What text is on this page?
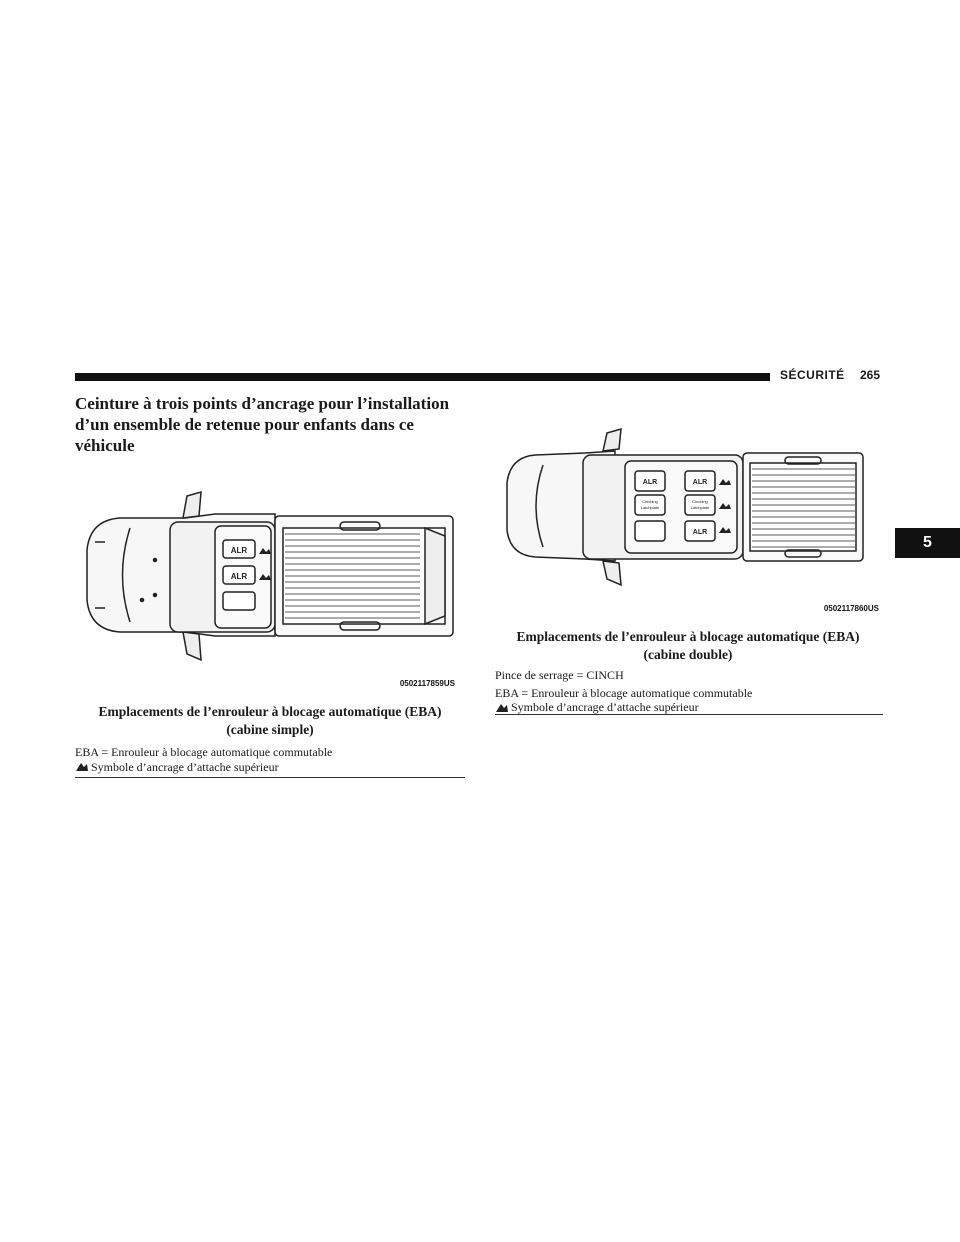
SÉCURITÉ 265
5
Ceinture à trois points d’ancrage pour l’installation d’un ensemble de retenue pour enfants dans ce véhicule
ALR
ALR
0502117859US
Emplacements de l’enrouleur à blocage automatique (EBA)
(cabine simple)
EBA = Enrouleur à blocage automatique commutable
Symbole d’ancrage d’attache supérieur
ALR
Cinching
Latchplate
ALR
Cinching
Latchplate
ALR
0502117860US
Emplacements de l’enrouleur à blocage automatique (EBA)
(cabine double)
Pince de serrage = CINCH
EBA = Enrouleur à blocage automatique commutable
Symbole d’ancrage d’attache supérieur
